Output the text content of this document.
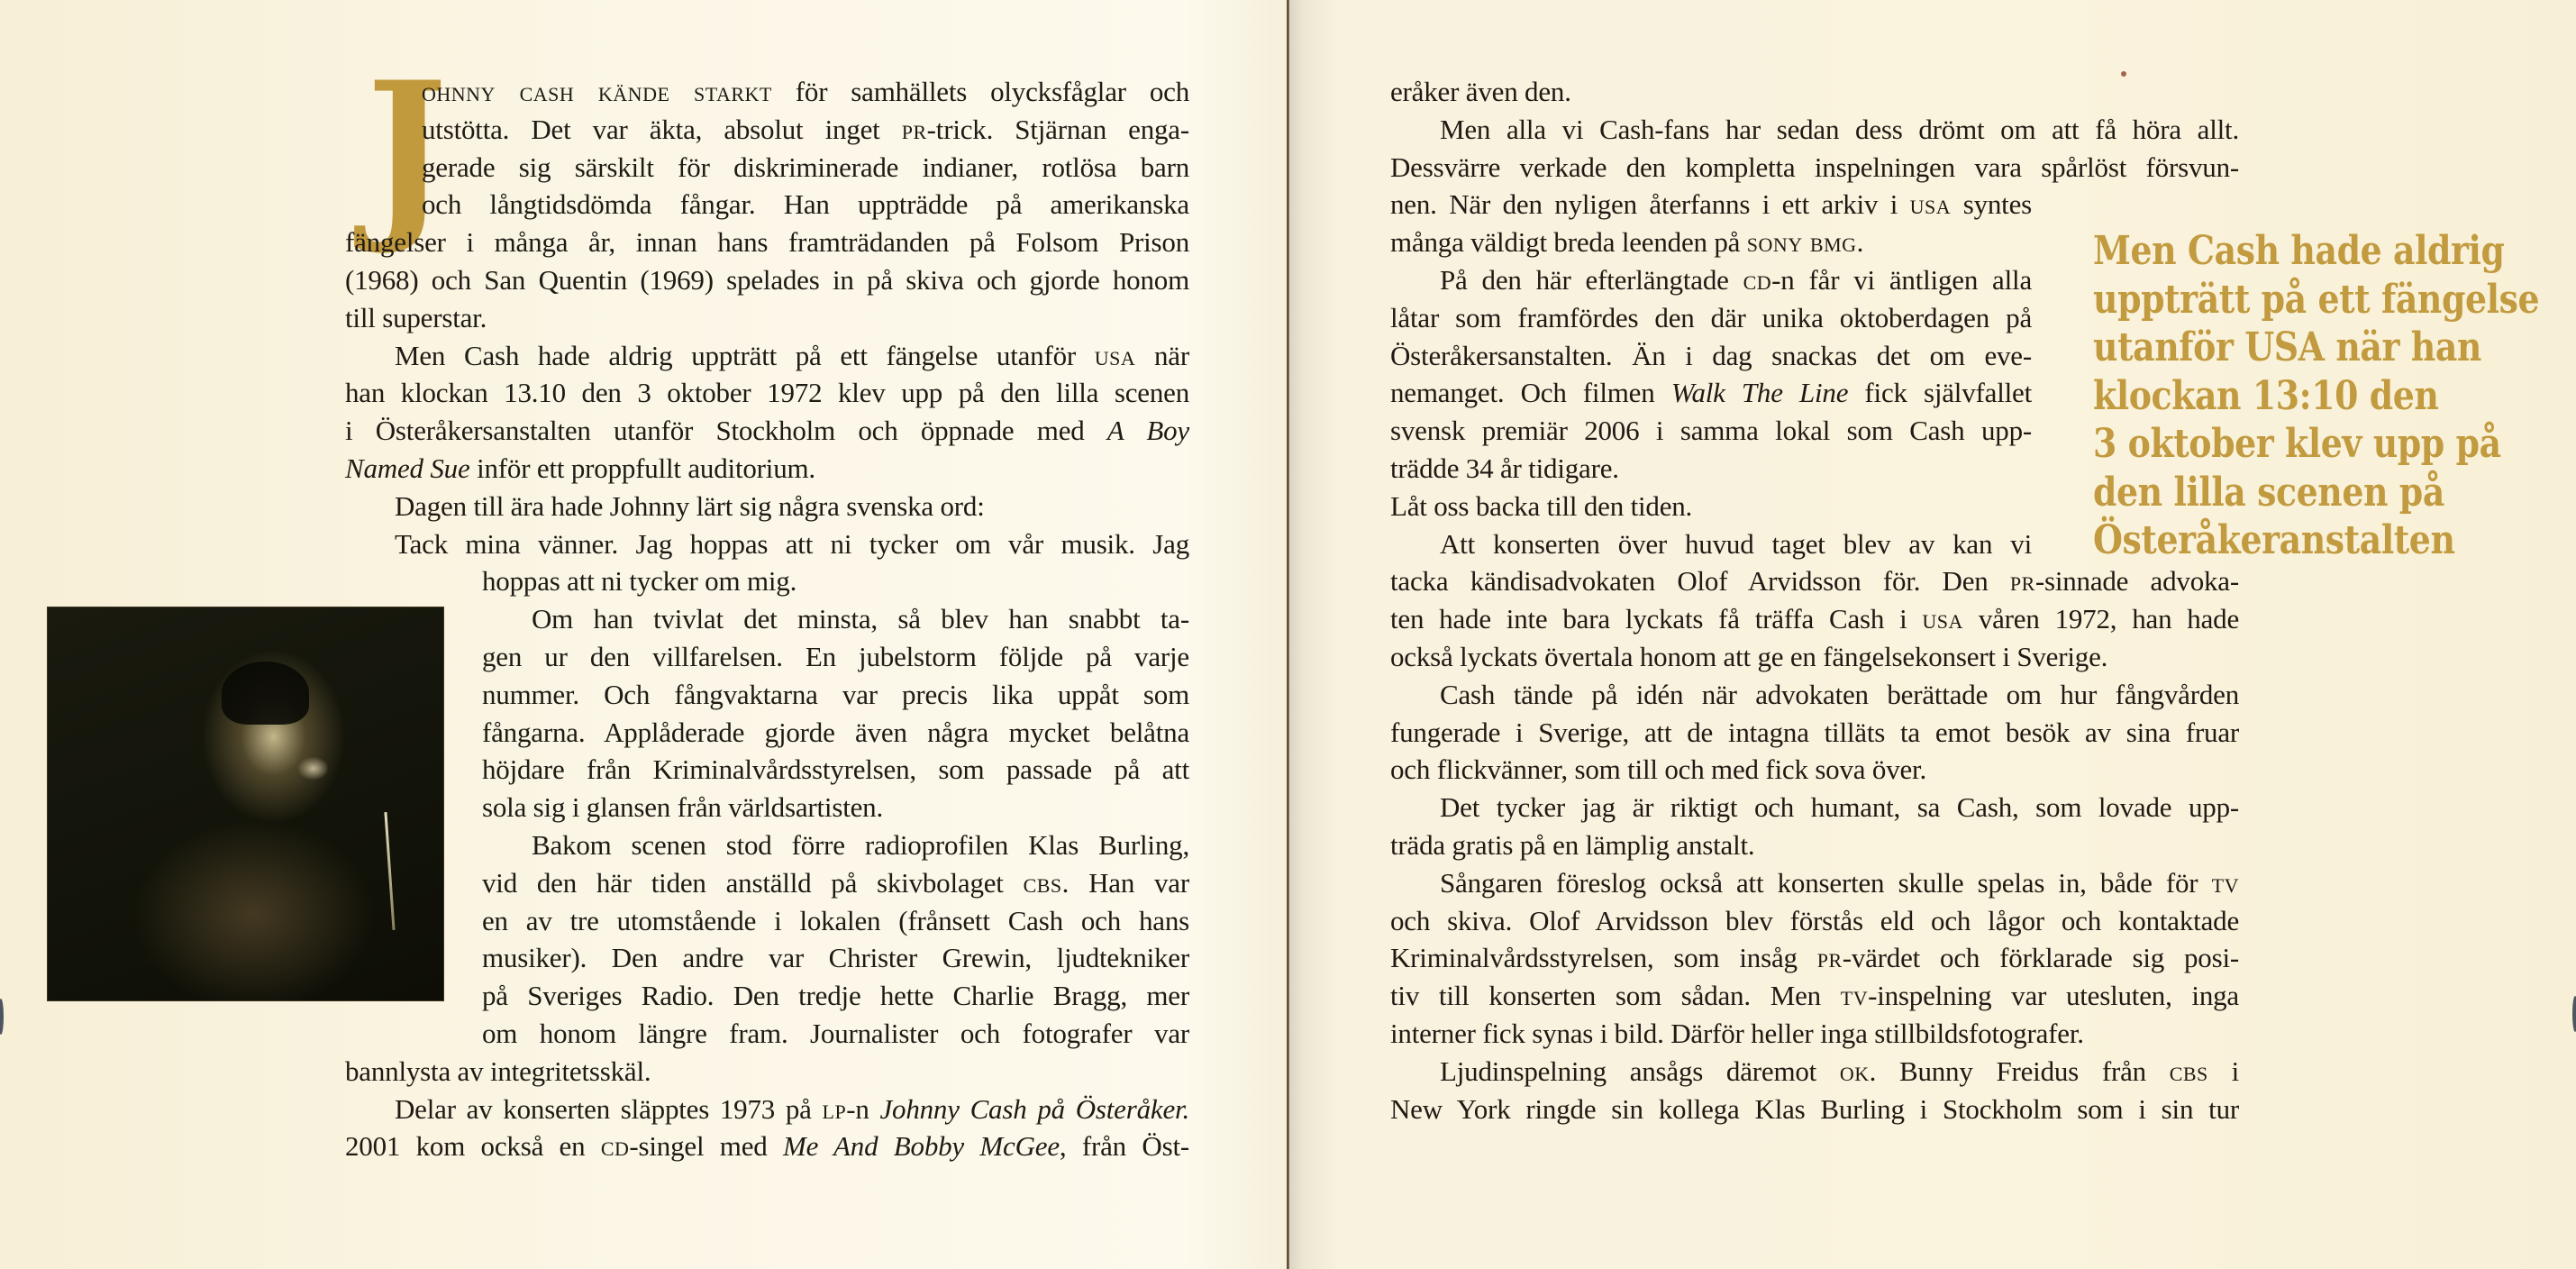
J
ohnny cash kände starkt för samhällets olycksfåglar och
utstötta. Det var äkta, absolut inget pr-trick. Stjärnan enga-
gerade sig särskilt för diskriminerade indianer, rotlösa barn
och långtidsdömda fångar. Han uppträdde på amerikanska
fängelser i många år, innan hans framträdanden på Folsom Prison
(1968) och San Quentin (1969) spelades in på skiva och gjorde honom
till superstar.
Men Cash hade aldrig uppträtt på ett fängelse utanför usa när
han klockan 13.10 den 3 oktober 1972 klev upp på den lilla scenen
i Österåkersanstalten utanför Stockholm och öppnade med A Boy
Named Sue inför ett proppfullt auditorium.
Dagen till ära hade Johnny lärt sig några svenska ord:
Tack mina vänner. Jag hoppas att ni tycker om vår musik. Jag
hoppas att ni tycker om mig.
Om han tvivlat det minsta, så blev han snabbt ta-
gen ur den villfarelsen. En jubelstorm följde på varje
nummer. Och fångvaktarna var precis lika uppåt som
fångarna. Applåderade gjorde även några mycket belåtna
höjdare från Kriminalvårdsstyrelsen, som passade på att
sola sig i glansen från världsartisten.
Bakom scenen stod förre radioprofilen Klas Burling,
vid den här tiden anställd på skivbolaget cbs. Han var
en av tre utomstående i lokalen (frånsett Cash och hans
musiker). Den andre var Christer Grewin, ljudtekniker
på Sveriges Radio. Den tredje hette Charlie Bragg, mer
om honom längre fram. Journalister och fotografer var
bannlysta av integritetsskäl.
Delar av konserten släpptes 1973 på lp-n Johnny Cash på Österåker.
2001 kom också en cd-singel med Me And Bobby McGee, från Öst-
eråker även den.
Men alla vi Cash-fans har sedan dess drömt om att få höra allt.
Dessvärre verkade den kompletta inspelningen vara spårlöst försvun-
nen. När den nyligen återfanns i ett arkiv i usa syntes
många väldigt breda leenden på sony bmg.
På den här efterlängtade cd-n får vi äntligen alla
låtar som framfördes den där unika oktoberdagen på
Österåkersanstalten. Än i dag snackas det om eve-
nemanget. Och filmen Walk The Line fick självfallet
svensk premiär 2006 i samma lokal som Cash upp-
trädde 34 år tidigare.
Låt oss backa till den tiden.
Att konserten över huvud taget blev av kan vi
tacka kändisadvokaten Olof Arvidsson för. Den pr-sinnade advoka-
ten hade inte bara lyckats få träffa Cash i usa våren 1972, han hade
också lyckats övertala honom att ge en fängelsekonsert i Sverige.
Cash tände på idén när advokaten berättade om hur fångvården
fungerade i Sverige, att de intagna tilläts ta emot besök av sina fruar
och flickvänner, som till och med fick sova över.
Det tycker jag är riktigt och humant, sa Cash, som lovade upp-
träda gratis på en lämplig anstalt.
Sångaren föreslog också att konserten skulle spelas in, både för tv
och skiva. Olof Arvidsson blev förstås eld och lågor och kontaktade
Kriminalvårdsstyrelsen, som insåg pr-värdet och förklarade sig posi-
tiv till konserten som sådan. Men tv-inspelning var utesluten, inga
interner fick synas i bild. Därför heller inga stillbildsfotografer.
Ljudinspelning ansågs däremot ok. Bunny Freidus från cbs i
New York ringde sin kollega Klas Burling i Stockholm som i sin tur
Men Cash hade aldrig
uppträtt på ett fängelse
utanför USA när han
klockan 13:10 den
3 oktober klev upp på
den lilla scenen på
Österåkeranstalten
